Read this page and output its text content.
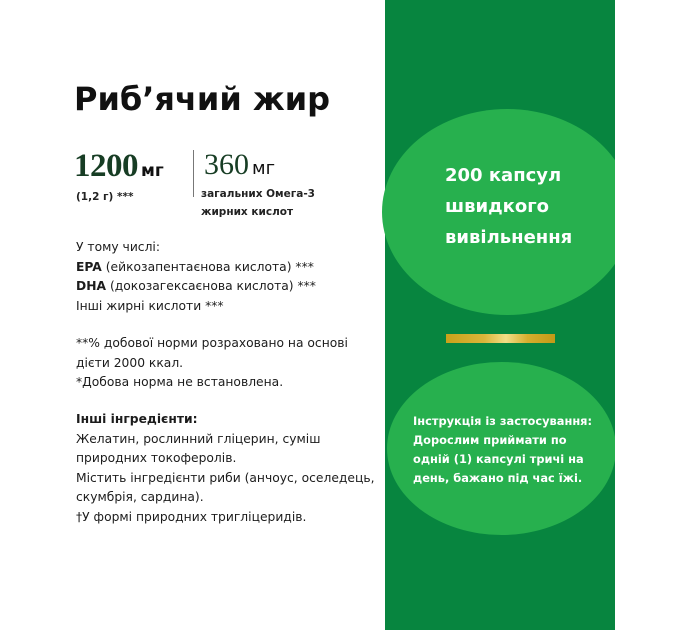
Риб’ячий жир
1200 мг
(1,2 г) ***
360 мг
загальних Омега-3
жирних кислот
У тому числі:
EPA (ейкозапентаєнова кислота) ***
DHA (докозагексаєнова кислота) ***
Інші жирні кислоти ***
**% добової норми розраховано на основі
дієти 2000 ккал.
*Добова норма не встановлена.
Інші інгредієнти:
Желатин, рослинний гліцерин, суміш
природних токоферолів.
Містить інгредієнти риби (анчоус, оселедець,
скумбрія, сардина).
†У формі природних тригліцеридів.
200 капсул
швидкого
вивільнення
Інструкція із застосування:
Дорослим приймати по
одній (1) капсулі тричі на
день, бажано під час їжі.
